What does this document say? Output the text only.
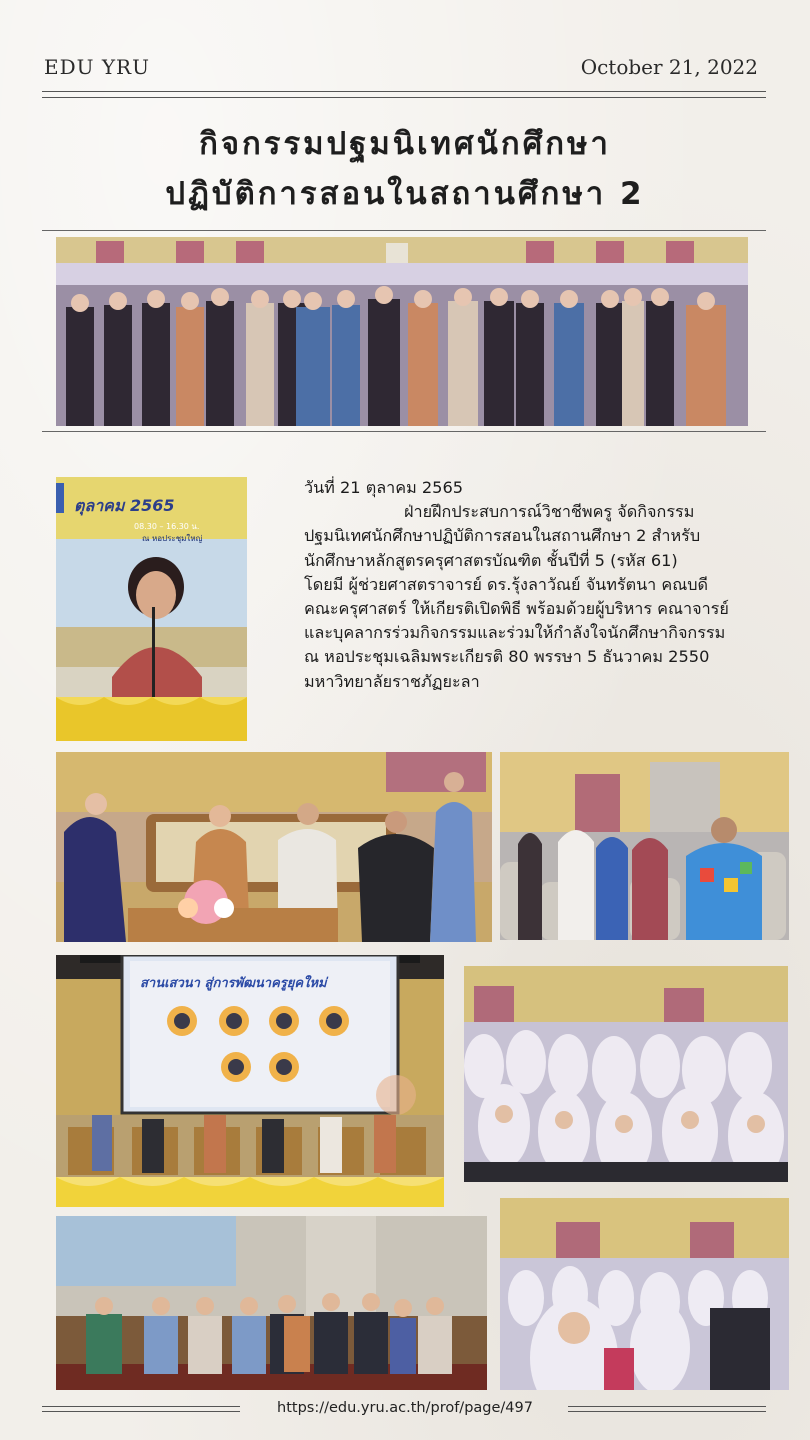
EDU YRU	October 21, 2022
กิจกรรมปฐมนิเทศนักศึกษา
ปฏิบัติการสอนในสถานศึกษา 2
ตุลาคม 2565
08.30 – 16.30 น.
ณ หอประชุมใหญ่

วันที่ 21 ตุลาคม 2565

ฝ่ายฝึกประสบการณ์วิชาชีพครู จัดกิจกรรม

ปฐมนิเทศนักศึกษาปฏิบัติการสอนในสถานศึกษา 2 สำหรับ

นักศึกษาหลักสูตรครุศาสตรบัณฑิต ชั้นปีที่ 5 (รหัส 61)

โดยมี ผู้ช่วยศาสตราจารย์ ดร.รุ้งลาวัณย์ จันทรัตนา คณบดี

คณะครุศาสตร์ ให้เกียรติเปิดพิธี พร้อมด้วยผู้บริหาร คณาจารย์

และบุคลากรร่วมกิจกรรมและร่วมให้กำลังใจนักศึกษากิจกรรม

ณ หอประชุมเฉลิมพระเกียรติ 80 พรรษา 5 ธันวาคม 2550

มหาวิทยาลัยราชภัฏยะลา

สานเสวนา สู่การพัฒนาครูยุคใหม่
https://edu.yru.ac.th/prof/page/497
